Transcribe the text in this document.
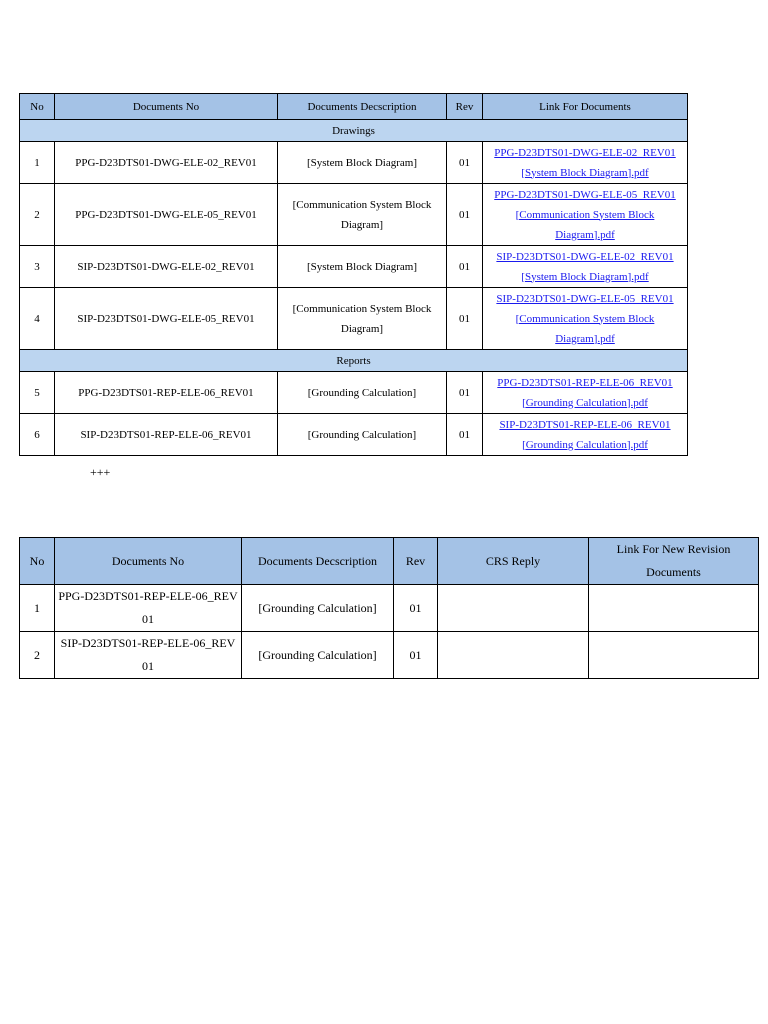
No	Documents No	Documents Decscription	Rev	Link For Documents
Drawings				
1	PPG-D23DTS01-DWG-ELE-02_REV01	[System Block Diagram]	01	PPG-D23DTS01-DWG-ELE-02_REV01
[System Block Diagram].pdf

2	PPG-D23DTS01-DWG-ELE-05_REV01	[Communication System Block Diagram]	01	PPG-D23DTS01-DWG-ELE-05_REV01
[Communication System Block
Diagram].pdf

3	SIP-D23DTS01-DWG-ELE-02_REV01	[System Block Diagram]	01	SIP-D23DTS01-DWG-ELE-02_REV01
[System Block Diagram].pdf

4	SIP-D23DTS01-DWG-ELE-05_REV01	[Communication System Block Diagram]	01	SIP-D23DTS01-DWG-ELE-05_REV01
[Communication System Block
Diagram].pdf

Reports				
5	PPG-D23DTS01-REP-ELE-06_REV01	[Grounding Calculation]	01	PPG-D23DTS01-REP-ELE-06_REV01
[Grounding Calculation].pdf

6	SIP-D23DTS01-REP-ELE-06_REV01	[Grounding Calculation]	01	SIP-D23DTS01-REP-ELE-06_REV01
[Grounding Calculation].pdf
+++
No	Documents No	Documents Decscription	Rev	CRS Reply	Link For New Revision Documents
1	PPG-D23DTS01-REP-ELE-06_REV01	[Grounding Calculation]	01		
2	SIP-D23DTS01-REP-ELE-06_REV01	[Grounding Calculation]	01		
